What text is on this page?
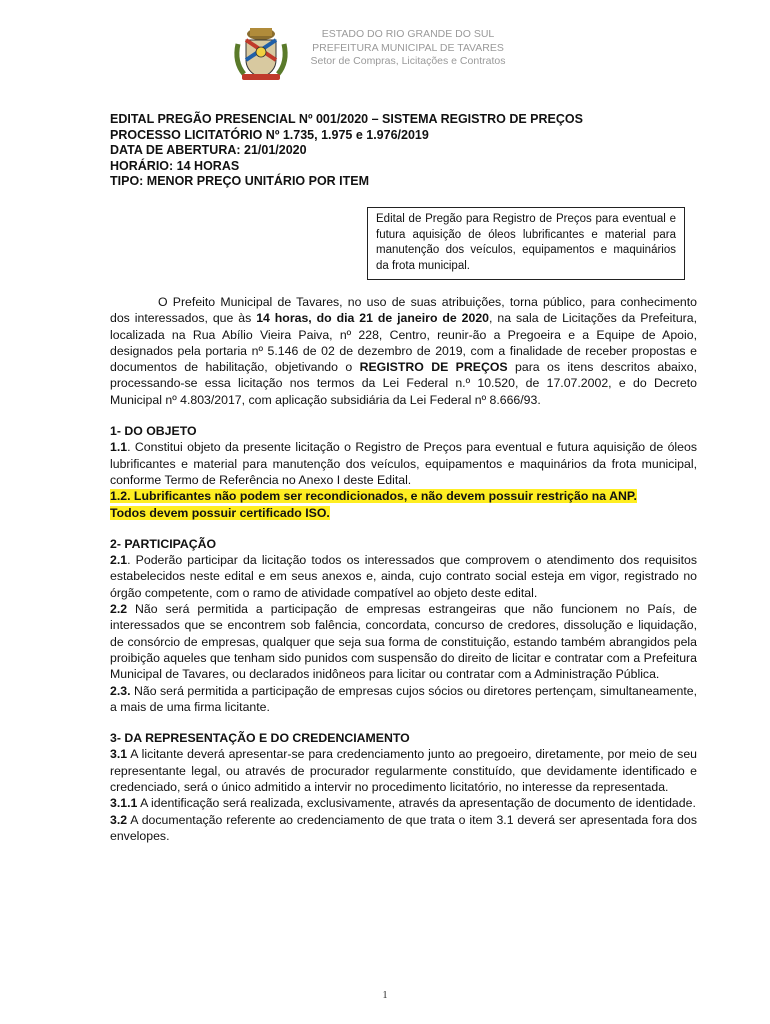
ESTADO DO RIO GRANDE DO SUL
PREFEITURA MUNICIPAL DE TAVARES
Setor de Compras, Licitações e Contratos
EDITAL PREGÃO PRESENCIAL Nº 001/2020 – SISTEMA REGISTRO DE PREÇOS
PROCESSO LICITATÓRIO Nº 1.735, 1.975 e 1.976/2019
DATA DE ABERTURA: 21/01/2020
HORÁRIO: 14 HORAS
TIPO: MENOR PREÇO UNITÁRIO POR ITEM
Edital de Pregão para Registro de Preços para eventual e futura aquisição de óleos lubrificantes e material para manutenção dos veículos, equipamentos e maquinários da frota municipal.

O Prefeito Municipal de Tavares, no uso de suas atribuições, torna público, para conhecimento dos interessados, que às 14 horas, do dia 21 de janeiro de 2020, na sala de Licitações da Prefeitura, localizada na Rua Abílio Vieira Paiva, nº 228, Centro, reunir-ão a Pregoeira e a Equipe de Apoio, designados pela portaria nº 5.146 de 02 de dezembro de 2019, com a finalidade de receber propostas e documentos de habilitação, objetivando o REGISTRO DE PREÇOS para os itens descritos abaixo, processando-se essa licitação nos termos da Lei Federal n.º 10.520, de 17.07.2002, e do Decreto Municipal nº 4.803/2017, com aplicação subsidiária da Lei Federal nº 8.666/93.

1- DO OBJETO

1.1. Constitui objeto da presente licitação o Registro de Preços para eventual e futura aquisição de óleos lubrificantes e material para manutenção dos veículos, equipamentos e maquinários da frota municipal, conforme Termo de Referência no Anexo I deste Edital.

1.2. Lubrificantes não podem ser recondicionados, e não devem possuir restrição na ANP.
Todos devem possuir certificado ISO.

2- PARTICIPAÇÃO

2.1. Poderão participar da licitação todos os interessados que comprovem o atendimento dos requisitos estabelecidos neste edital e em seus anexos e, ainda, cujo contrato social esteja em vigor, registrado no órgão competente, com o ramo de atividade compatível ao objeto deste edital.

2.2 Não será permitida a participação de empresas estrangeiras que não funcionem no País, de interessados que se encontrem sob falência, concordata, concurso de credores, dissolução e liquidação, de consórcio de empresas, qualquer que seja sua forma de constituição, estando também abrangidos pela proibição aqueles que tenham sido punidos com suspensão do direito de licitar e contratar com a Prefeitura Municipal de Tavares, ou declarados inidôneos para licitar ou contratar com a Administração Pública.

2.3. Não será permitida a participação de empresas cujos sócios ou diretores pertençam, simultaneamente, a mais de uma firma licitante.

3- DA REPRESENTAÇÃO E DO CREDENCIAMENTO

3.1 A licitante deverá apresentar-se para credenciamento junto ao pregoeiro, diretamente, por meio de seu representante legal, ou através de procurador regularmente constituído, que devidamente identificado e credenciado, será o único admitido a intervir no procedimento licitatório, no interesse da representada.

3.1.1 A identificação será realizada, exclusivamente, através da apresentação de documento de identidade.

3.2 A documentação referente ao credenciamento de que trata o item 3.1 deverá ser apresentada fora dos envelopes.

1
